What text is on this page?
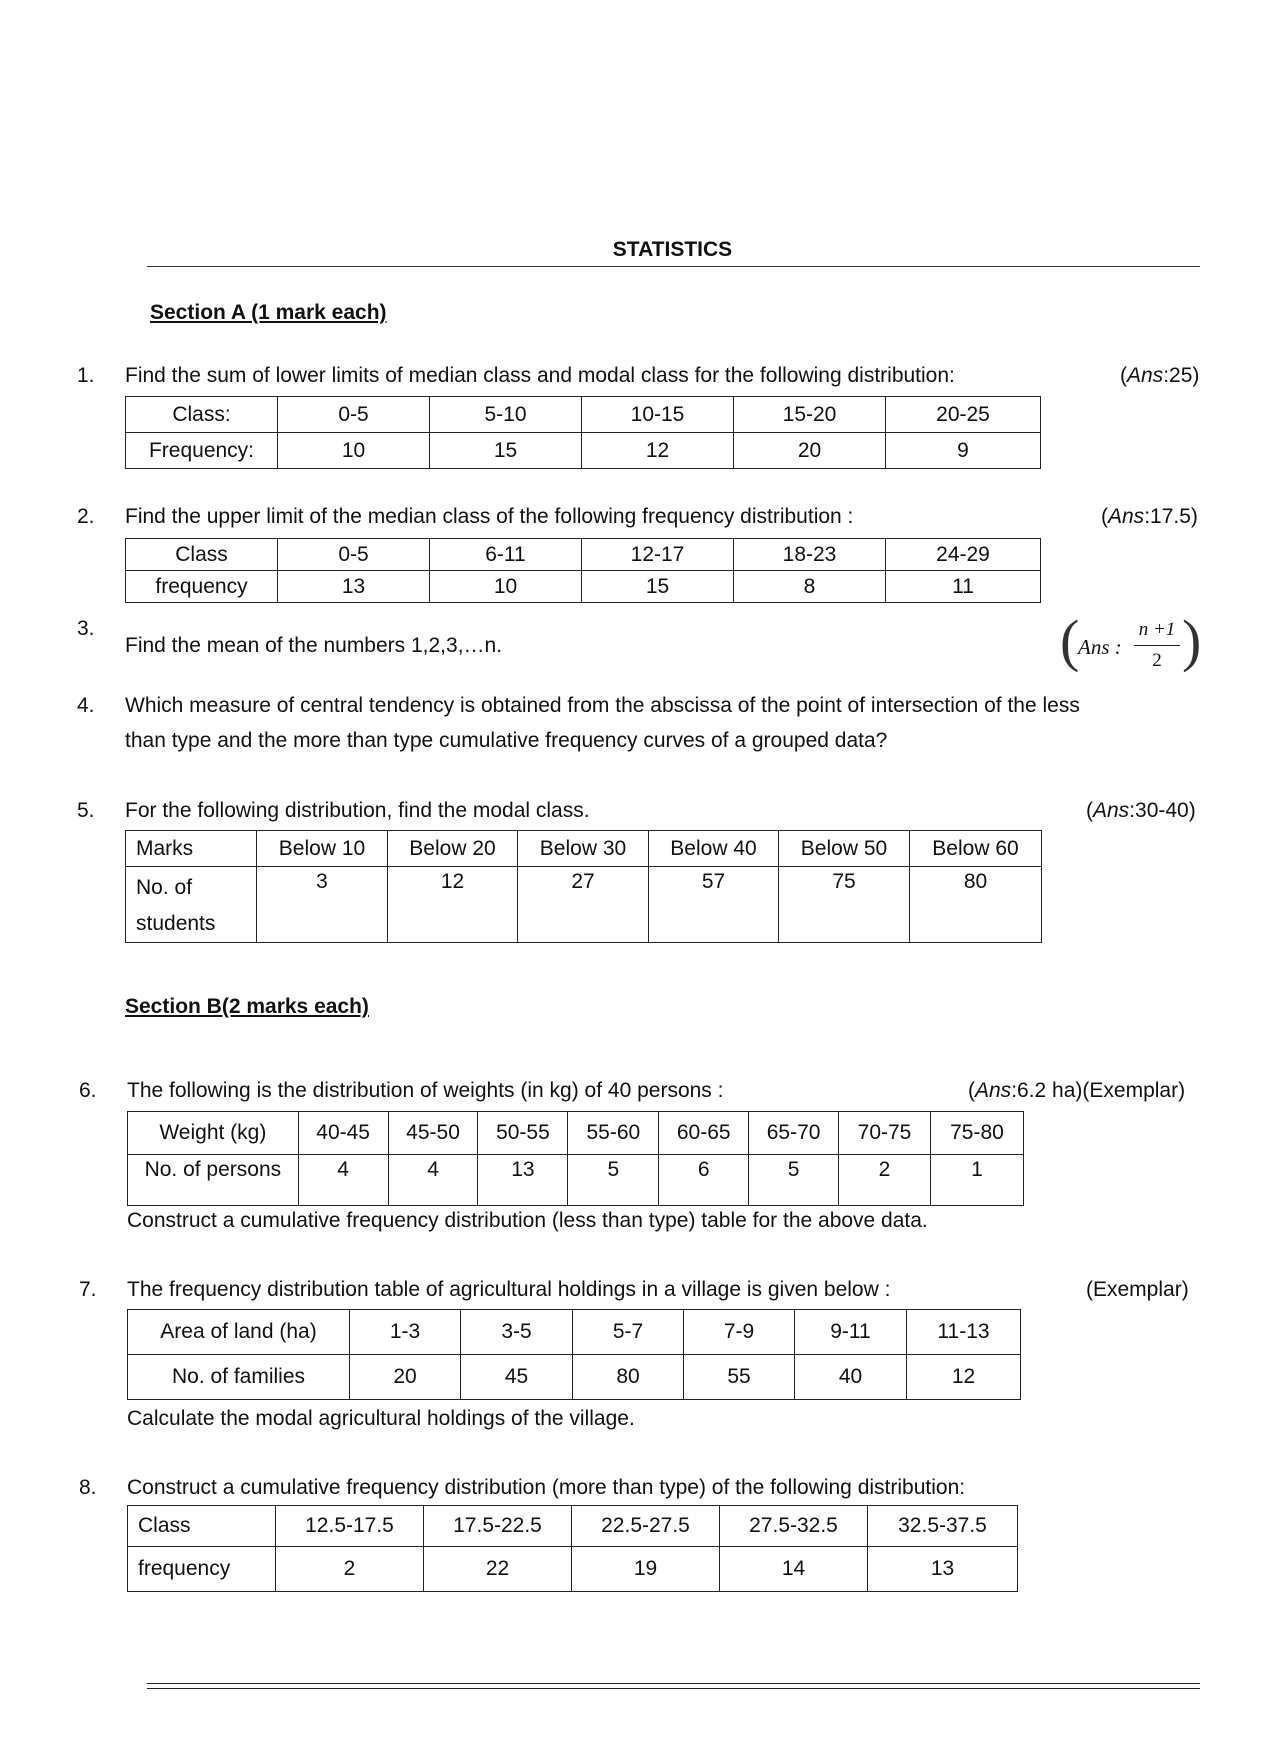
STATISTICS
Section A (1 mark each)
1.	Find the sum of lower limits of median class and modal class for the following distribution:	(Ans:25)
Class:	0-5	5-10	10-15	15-20	20-25
Frequency:	10	15	12	20	9
2.	Find the upper limit of the median class of the following frequency distribution :	(Ans:17.5)
Class	0-5	6-11	12-17	18-23	24-29
frequency	13	10	15	8	11
3.
Find the mean of the numbers 1,2,3,…n.	(
Ans :
n +1
2 )
4.	Which measure of central tendency is obtained from the abscissa of the point of intersection of the less
than type and the more than type cumulative frequency curves of a grouped data?
5.	For the following distribution, find the modal class.	(Ans:30-40)
Marks	Below 10	Below 20	Below 30	Below 40	Below 50	Below 60
No. of
students	3	12	27	57	75	80
Section B(2 marks each)
6.	The following is the distribution of weights (in kg) of 40 persons :	(Ans:6.2 ha)(Exemplar)
Weight (kg)	40-45	45-50	50-55	55-60	60-65	65-70	70-75	75-80
No. of persons	4	4	13	5	6	5	2	1
Construct a cumulative frequency distribution (less than type) table for the above data.
7.	The frequency distribution table of agricultural holdings in a village is given below :	(Exemplar)
Area of land (ha)	1-3	3-5	5-7	7-9	9-11	11-13
No. of families	20	45	80	55	40	12
Calculate the modal agricultural holdings of the village.
8.	Construct a cumulative frequency distribution (more than type) of the following distribution:
Class	12.5-17.5	17.5-22.5	22.5-27.5	27.5-32.5	32.5-37.5
frequency	2	22	19	14	13
